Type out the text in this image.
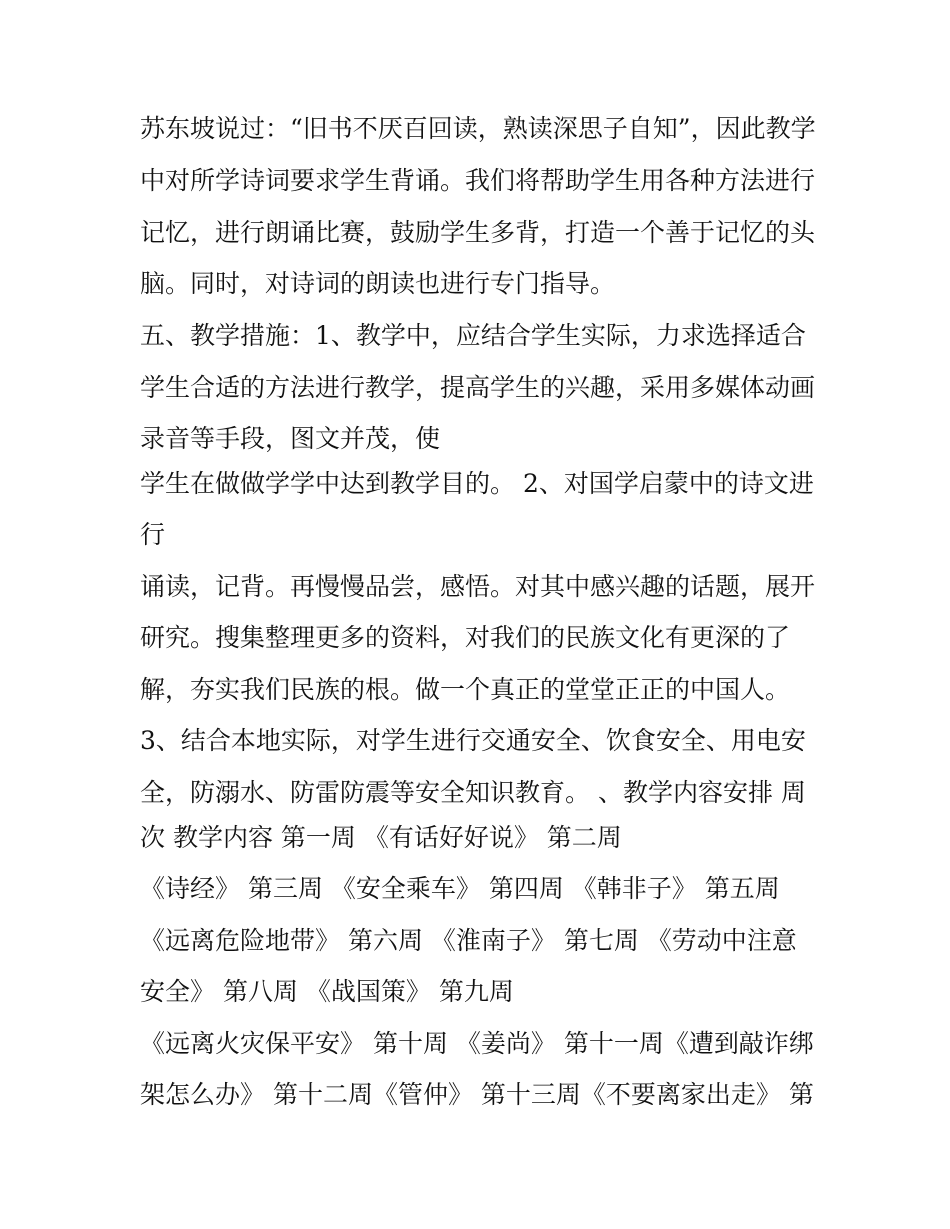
苏东坡说过：“旧书不厌百回读，熟读深思子自知”，因此教学
中对所学诗词要求学生背诵。我们将帮助学生用各种方法进行
记忆，进行朗诵比赛，鼓励学生多背，打造一个善于记忆的头
脑。同时，对诗词的朗读也进行专门指导。
五、教学措施：1、教学中，应结合学生实际，力求选择适合
学生合适的方法进行教学，提高学生的兴趣，采用多媒体动画
录音等手段，图文并茂，使
学生在做做学学中达到教学目的。 2、对国学启蒙中的诗文进
行
诵读，记背。再慢慢品尝，感悟。对其中感兴趣的话题，展开
研究。搜集整理更多的资料，对我们的民族文化有更深的了
解，夯实我们民族的根。做一个真正的堂堂正正的中国人。
3、结合本地实际，对学生进行交通安全、饮食安全、用电安
全，防溺水、防雷防震等安全知识教育。 、教学内容安排 周
次 教学内容 第一周 《有话好好说》 第二周
《诗经》 第三周 《安全乘车》 第四周 《韩非子》 第五周
《远离危险地带》 第六周 《淮南子》 第七周 《劳动中注意
安全》 第八周 《战国策》 第九周
《远离火灾保平安》 第十周 《姜尚》 第十一周《遭到敲诈绑
架怎么办》 第十二周《管仲》 第十三周《不要离家出走》 第
